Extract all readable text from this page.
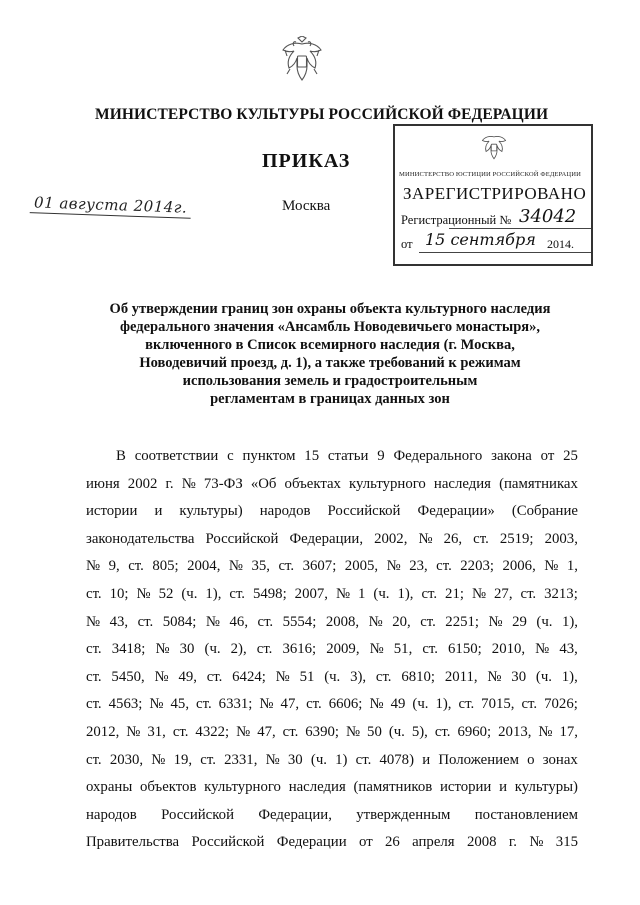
МИНИСТЕРСТВО КУЛЬТУРЫ РОССИЙСКОЙ ФЕДЕРАЦИИ
ПРИКАЗ
01 августа 2014г.	Москва
МИНИСТЕРСТВО ЮСТИЦИИ РОССИЙСКОЙ ФЕДЕРАЦИИ
ЗАРЕГИСТРИРОВАНО
Регистрационный № 34042
от 15 сентября 2014.
Об утверждении границ зон охраны объекта культурного наследия
федерального значения «Ансамбль Новодевичьего монастыря»,
включенного в Список всемирного наследия (г. Москва,
Новодевичий проезд, д. 1), а также требований к режимам
использования земель и градостроительным
регламентам в границах данных зон
В соответствии с пунктом 15 статьи 9 Федерального закона от 25
июня 2002 г. № 73-ФЗ «Об объектах культурного наследия (памятниках
истории и культуры) народов Российской Федерации» (Собрание
законодательства Российской Федерации, 2002, № 26, ст. 2519; 2003,
№ 9, ст. 805; 2004, № 35, ст. 3607; 2005, № 23, ст. 2203; 2006, № 1,
ст. 10; № 52 (ч. 1), ст. 5498; 2007, № 1 (ч. 1), ст. 21; № 27, ст. 3213;
№ 43, ст. 5084; № 46, ст. 5554; 2008, № 20, ст. 2251; № 29 (ч. 1),
ст. 3418; № 30 (ч. 2), ст. 3616; 2009, № 51, ст. 6150; 2010, № 43,
ст. 5450, № 49, ст. 6424; № 51 (ч. 3), ст. 6810; 2011, № 30 (ч. 1),
ст. 4563; № 45, ст. 6331; № 47, ст. 6606; № 49 (ч. 1), ст. 7015, ст. 7026;
2012, № 31, ст. 4322; № 47, ст. 6390; № 50 (ч. 5), ст. 6960; 2013, № 17,
ст. 2030, № 19, ст. 2331, № 30 (ч. 1) ст. 4078) и Положением о зонах
охраны объектов культурного наследия (памятников истории и культуры)
народов Российской Федерации, утвержденным постановлением
Правительства Российской Федерации от 26 апреля 2008 г. № 315
